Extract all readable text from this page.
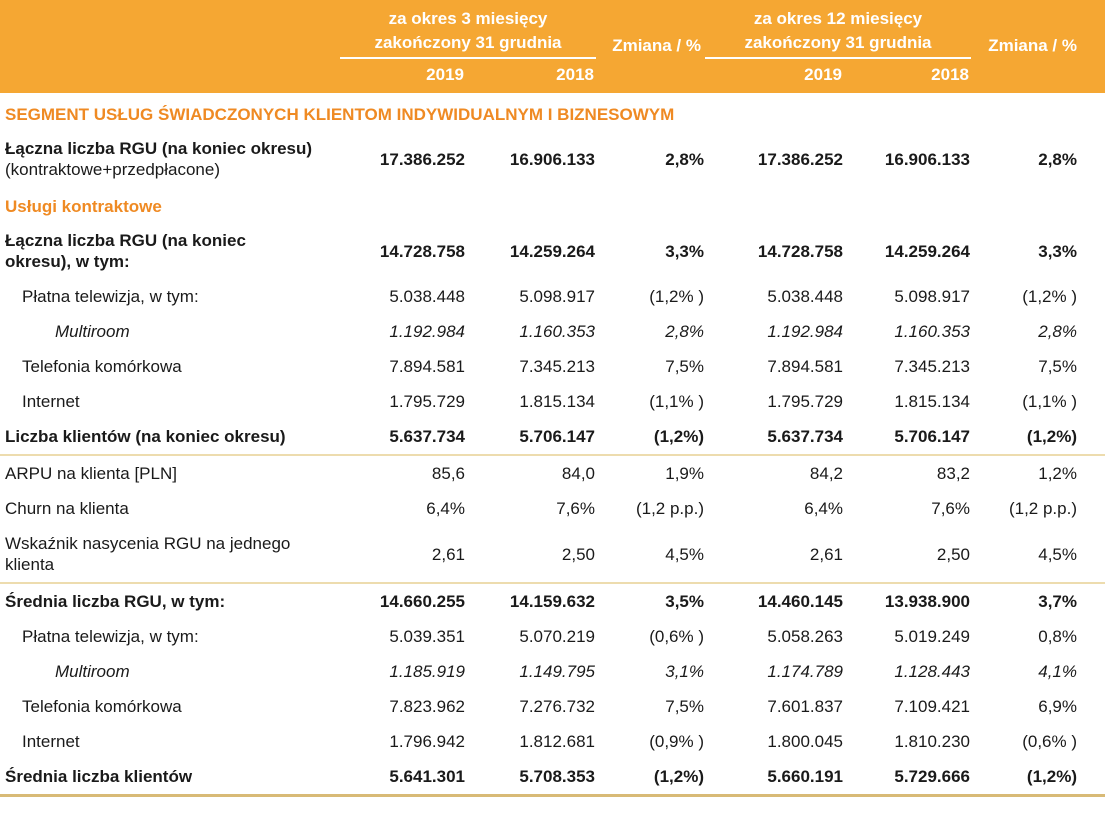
za okres 3 miesięcy
zakończony 31 grudnia
2019	2018
Zmiana / %
za okres 12 miesięcy
zakończony 31 grudnia
2019	2018
Zmiana / %
SEGMENT USŁUG ŚWIADCZONYCH KLIENTOM INDYWIDUALNYM I BIZNESOWYM							

Łączna liczba RGU (na koniec okresu)
(kontraktowe+przedpłacone)	17.386.252	16.906.133	2,8%	17.386.252	16.906.133	2,8%	
Usługi kontraktowe							

Łączna liczba RGU (na koniec
okresu), w tym:	14.728.758	14.259.264	3,3%	14.728.758	14.259.264	3,3%	

Płatna telewizja, w tym:	5.038.448	5.098.917	(1,2% )	5.038.448	5.098.917	(1,2% )	

Multiroom	1.192.984	1.160.353	2,8%	1.192.984	1.160.353	2,8%	

Telefonia komórkowa	7.894.581	7.345.213	7,5%	7.894.581	7.345.213	7,5%	

Internet	1.795.729	1.815.134	(1,1% )	1.795.729	1.815.134	(1,1% )	

Liczba klientów (na koniec okresu)	5.637.734	5.706.147	(1,2%)	5.637.734	5.706.147	(1,2%)	

ARPU na klienta [PLN]	85,6	84,0	1,9%	84,2	83,2	1,2%	

Churn na klienta	6,4%	7,6%	(1,2 p.p.)	6,4%	7,6%	(1,2 p.p.)	

Wskaźnik nasycenia RGU na jednego
klienta	2,61	2,50	4,5%	2,61	2,50	4,5%	

Średnia liczba RGU, w tym:	14.660.255	14.159.632	3,5%	14.460.145	13.938.900	3,7%	

Płatna telewizja, w tym:	5.039.351	5.070.219	(0,6% )	5.058.263	5.019.249	0,8%	

Multiroom	1.185.919	1.149.795	3,1%	1.174.789	1.128.443	4,1%	

Telefonia komórkowa	7.823.962	7.276.732	7,5%	7.601.837	7.109.421	6,9%	

Internet	1.796.942	1.812.681	(0,9% )	1.800.045	1.810.230	(0,6% )	

Średnia liczba klientów	5.641.301	5.708.353	(1,2%)	5.660.191	5.729.666	(1,2%)	
